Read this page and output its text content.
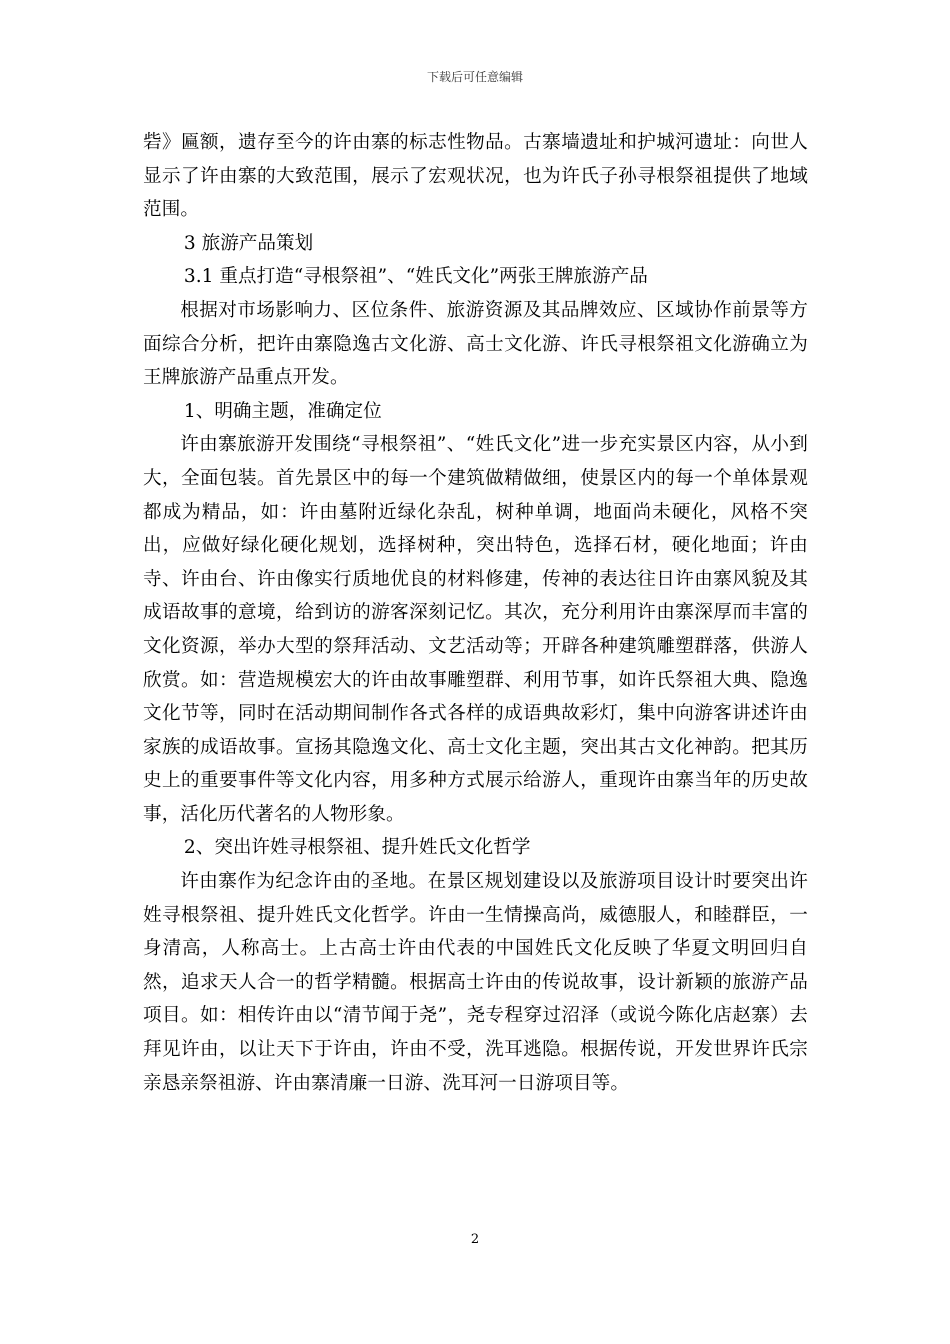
下载后可任意编辑

砦》匾额，遗存至今的许由寨的标志性物品。古寨墙遗址和护城河遗址：向世人显示了许由寨的大致范围，展示了宏观状况，也为许氏子孙寻根祭祖提供了地域范围。

3 旅游产品策划

3.1 重点打造“寻根祭祖”、“姓氏文化”两张王牌旅游产品

根据对市场影响力、区位条件、旅游资源及其品牌效应、区域协作前景等方面综合分析，把许由寨隐逸古文化游、高士文化游、许氏寻根祭祖文化游确立为王牌旅游产品重点开发。

1、明确主题，准确定位

许由寨旅游开发围绕“寻根祭祖”、“姓氏文化”进一步充实景区内容，从小到大，全面包装。首先景区中的每一个建筑做精做细，使景区内的每一个单体景观都成为精品，如：许由墓附近绿化杂乱，树种单调，地面尚未硬化，风格不突出，应做好绿化硬化规划，选择树种，突出特色，选择石材，硬化地面；许由寺、许由台、许由像实行质地优良的材料修建，传神的表达往日许由寨风貌及其成语故事的意境，给到访的游客深刻记忆。其次，充分利用许由寨深厚而丰富的文化资源，举办大型的祭拜活动、文艺活动等；开辟各种建筑雕塑群落，供游人欣赏。如：营造规模宏大的许由故事雕塑群、利用节事，如许氏祭祖大典、隐逸文化节等，同时在活动期间制作各式各样的成语典故彩灯，集中向游客讲述许由家族的成语故事。宣扬其隐逸文化、高士文化主题，突出其古文化神韵。把其历史上的重要事件等文化内容，用多种方式展示给游人，重现许由寨当年的历史故事，活化历代著名的人物形象。

2、突出许姓寻根祭祖、提升姓氏文化哲学

许由寨作为纪念许由的圣地。在景区规划建设以及旅游项目设计时要突出许姓寻根祭祖、提升姓氏文化哲学。许由一生情操高尚，威德服人，和睦群臣，一身清高，人称高士。上古高士许由代表的中国姓氏文化反映了华夏文明回归自然，追求天人合一的哲学精髓。根据高士许由的传说故事，设计新颖的旅游产品项目。如：相传许由以“清节闻于尧”，尧专程穿过沼泽（或说今陈化店赵寨）去拜见许由，以让天下于许由，许由不受，洗耳逃隐。根据传说，开发世界许氏宗亲恳亲祭祖游、许由寨清廉一日游、洗耳河一日游项目等。

2
